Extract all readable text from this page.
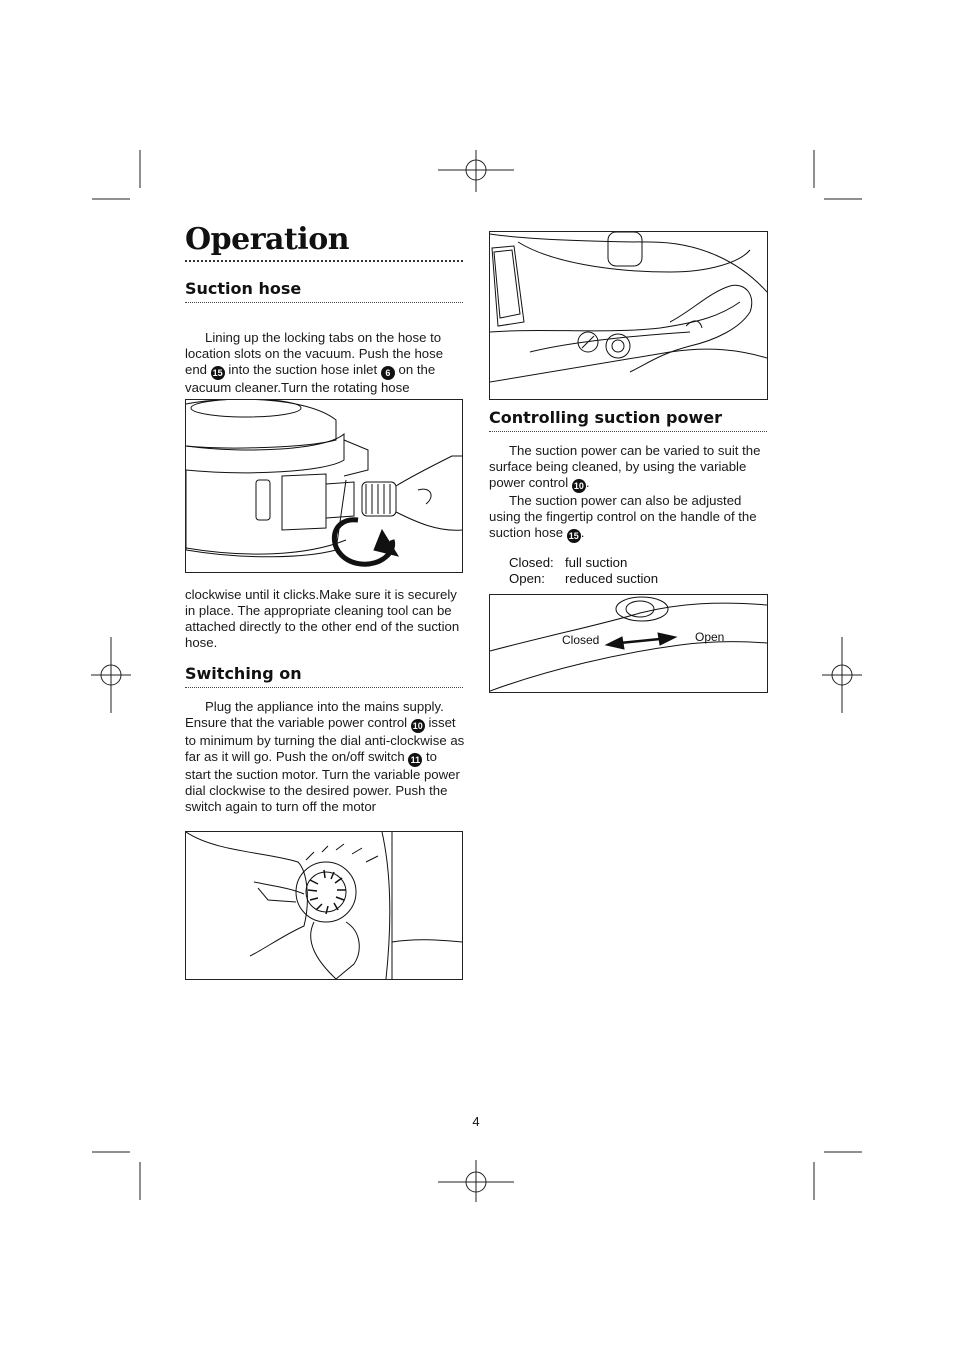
Operation
Suction hose

Lining up the locking tabs on the hose to location slots on the vacuum. Push the hose end 15 into the suction hose inlet 6 on the vacuum cleaner.Turn the rotating hose

clockwise until it clicks.Make sure it is securely in place. The appropriate cleaning tool can be attached directly to the other end of the suction hose.

Switching on

Plug the appliance into the mains supply. Ensure that the variable power control 10 isset to minimum by turning the dial anti-clockwise as far as it will go. Push the on/off switch 11 to start the suction motor. Turn the variable power dial clockwise to the desired power. Push the switch again to turn off the motor

Controlling suction power

The suction power can be varied to suit the surface being cleaned, by using the variable power control 10 .

The suction power can also be adjusted using the fingertip control on the handle of the suction hose 15 .

Closed: full suction
Open: reduced suction
Closed	Open
4
